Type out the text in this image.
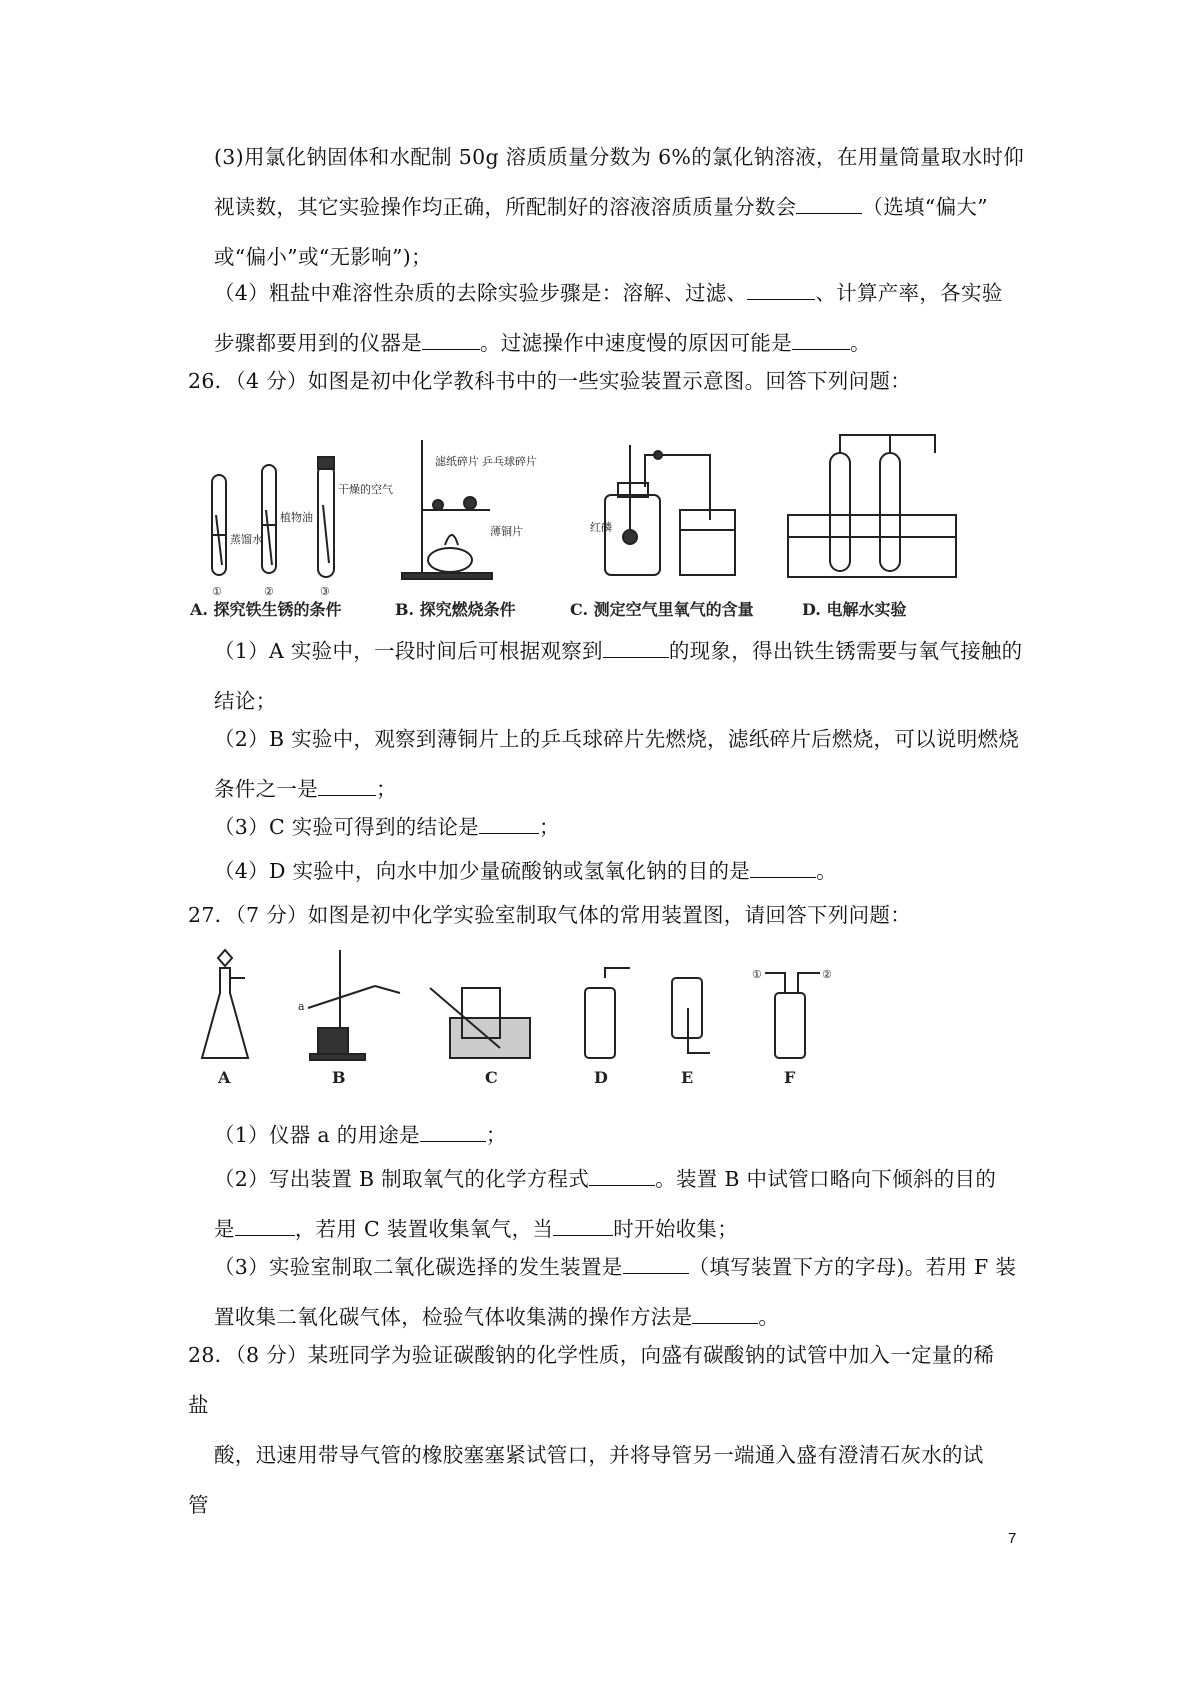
(3)用氯化钠固体和水配制 50g 溶质质量分数为 6%的氯化钠溶液，在用量筒量取水时仰
视读数，其它实验操作均正确，所配制好的溶液溶质质量分数会	（选填“偏大”
或“偏小”或“无影响”)；
（4）粗盐中难溶性杂质的去除实验步骤是：溶解、过滤、	、计算产率，各实验
步骤都要用到的仪器是	。过滤操作中速度慢的原因可能是	。
26．（4 分）如图是初中化学教科书中的一些实验装置示意图。回答下列问题：
蒸馏水
植物油
干燥的空气
①	②	③
滤纸碎片 乒乓球碎片
薄铜片	红磷
A. 探究铁生锈的条件	B. 探究燃烧条件	C. 测定空气里氧气的含量	D. 电解水实验
（1）A 实验中，一段时间后可根据观察到	的现象，得出铁生锈需要与氧气接触的
结论；
（2）B 实验中，观察到薄铜片上的乒乓球碎片先燃烧，滤纸碎片后燃烧，可以说明燃烧
条件之一是	；
（3）C 实验可得到的结论是	；
（4）D 实验中，向水中加少量硫酸钠或氢氧化钠的目的是	。
27．（7 分）如图是初中化学实验室制取气体的常用装置图，请回答下列问题：
A	B	C	D	E	F
a
①	②
（1）仪器 a 的用途是	；
（2）写出装置 B 制取氧气的化学方程式	。装置 B 中试管口略向下倾斜的目的
是	，若用 C 装置收集氧气，当	时开始收集；
（3）实验室制取二氧化碳选择的发生装置是	（填写装置下方的字母)。若用 F 装
置收集二氧化碳气体，检验气体收集满的操作方法是	。
28．（8 分）某班同学为验证碳酸钠的化学性质，向盛有碳酸钠的试管中加入一定量的稀盐
酸，迅速用带导气管的橡胶塞塞紧试管口，并将导管另一端通入盛有澄清石灰水的试管
7
